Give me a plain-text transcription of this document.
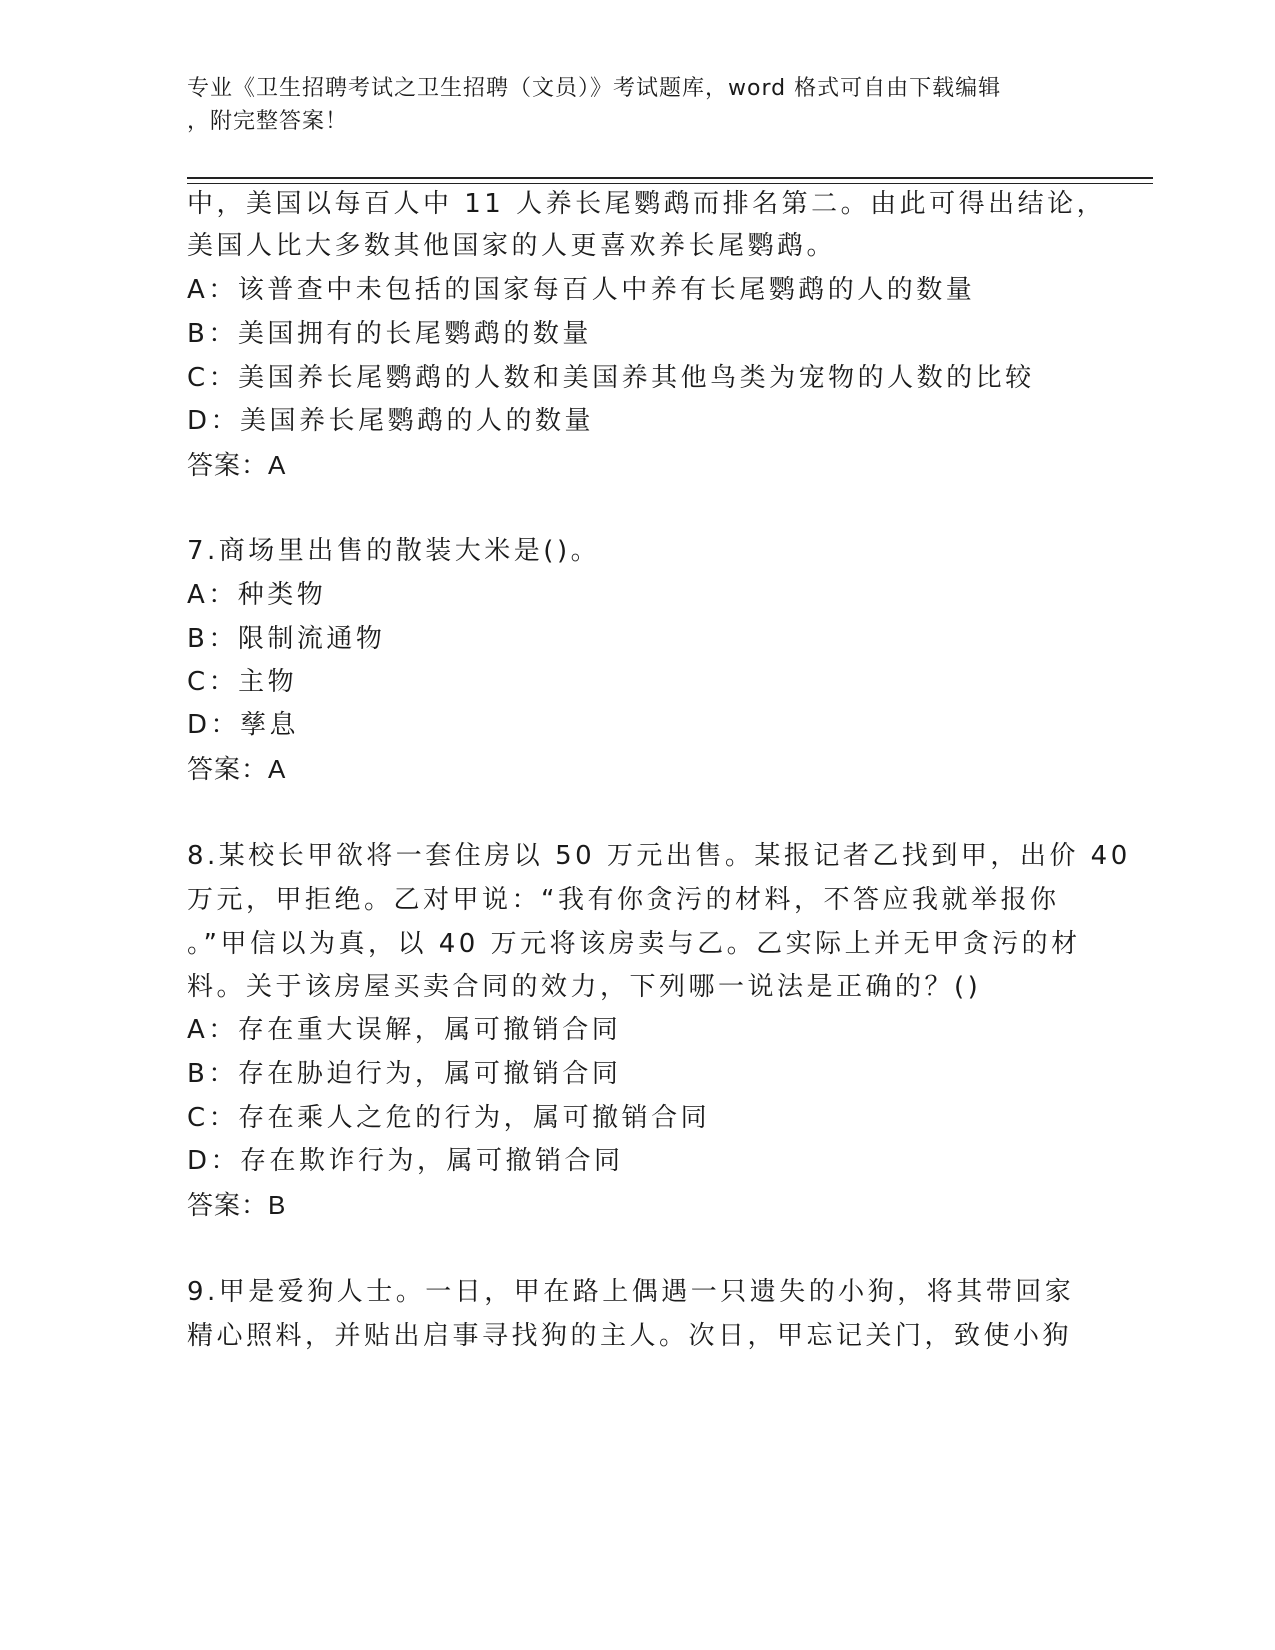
专业《卫生招聘考试之卫生招聘（文员）》考试题库，word 格式可自由下载编辑
，附完整答案！
中，美国以每百人中 11 人养长尾鹦鹉而排名第二。由此可得出结论，
美国人比大多数其他国家的人更喜欢养长尾鹦鹉。
A：该普查中未包括的国家每百人中养有长尾鹦鹉的人的数量
B：美国拥有的长尾鹦鹉的数量
C：美国养长尾鹦鹉的人数和美国养其他鸟类为宠物的人数的比较
D：美国养长尾鹦鹉的人的数量
答案：A
7.商场里出售的散装大米是()。
A：种类物
B：限制流通物
C：主物
D：孳息
答案：A
8.某校长甲欲将一套住房以 50 万元出售。某报记者乙找到甲，出价 40
万元，甲拒绝。乙对甲说：“我有你贪污的材料，不答应我就举报你
。”甲信以为真，以 40 万元将该房卖与乙。乙实际上并无甲贪污的材
料。关于该房屋买卖合同的效力，下列哪一说法是正确的？()
A：存在重大误解，属可撤销合同
B：存在胁迫行为，属可撤销合同
C：存在乘人之危的行为，属可撤销合同
D：存在欺诈行为，属可撤销合同
答案：B
9.甲是爱狗人士。一日，甲在路上偶遇一只遗失的小狗，将其带回家
精心照料，并贴出启事寻找狗的主人。次日，甲忘记关门，致使小狗
